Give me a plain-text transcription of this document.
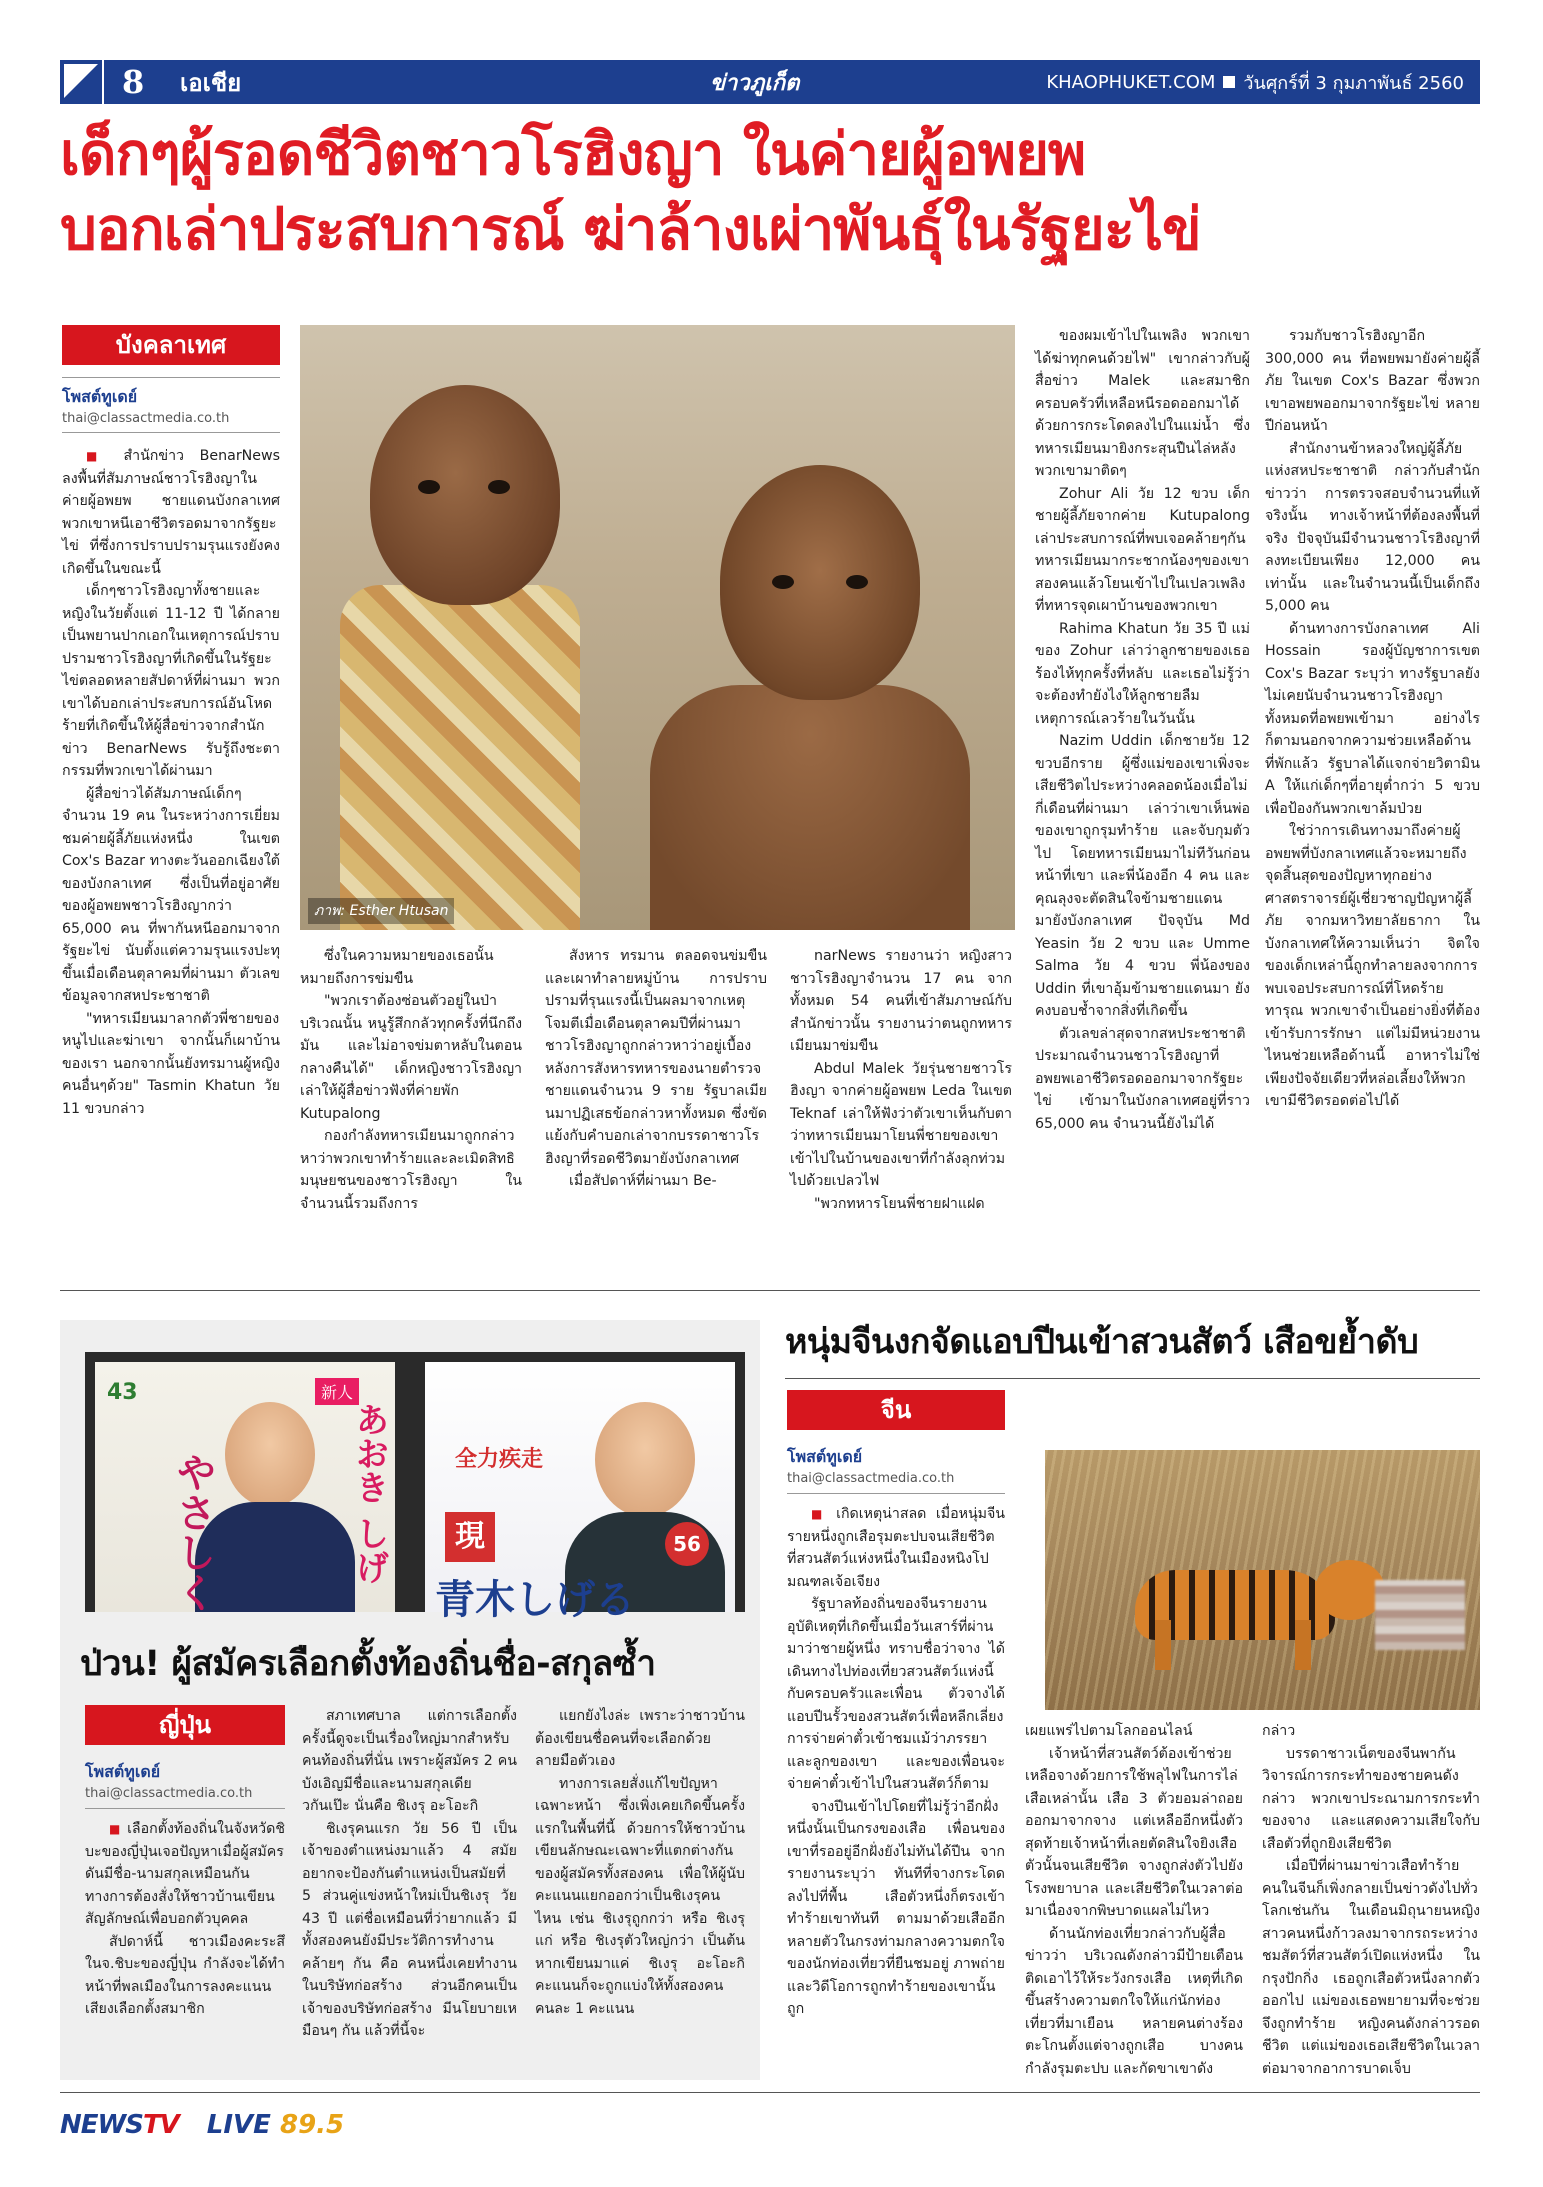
8	เอเชีย	ข่าวภูเก็ต	KHAOPHUKET.COM วันศุกร์ที่ 3 กุมภาพันธ์ 2560
เด็กๆผู้รอดชีวิตชาวโรฮิงญา ในค่ายผู้อพยพ
บอกเล่าประสบการณ์ ฆ่าล้างเผ่าพันธุ์ในรัฐยะไข่
บังคลาเทศ
โพสต์ทูเดย์
thai@classactmedia.co.th
ภาพ: Esther Htusan

■ สำนักข่าว BenarNews ลงพื้นที่สัมภาษณ์ชาวโรฮิงญาในค่ายผู้อพยพ ชายแดนบังกลาเทศ พวกเขาหนีเอาชีวิตรอดมาจากรัฐยะไข่ ที่ซึ่งการปราบปรามรุนแรงยังคงเกิดขึ้นในขณะนี้

เด็กๆชาวโรฮิงญาทั้งชายและหญิงในวัยตั้งแต่ 11-12 ปี ได้กลายเป็นพยานปากเอกในเหตุการณ์ปราบปรามชาวโรฮิงญาที่เกิดขึ้นในรัฐยะไข่ตลอดหลายสัปดาห์ที่ผ่านมา พวกเขาได้บอกเล่าประสบการณ์อันโหดร้ายที่เกิดขึ้นให้ผู้สื่อข่าวจากสำนักข่าว BenarNews รับรู้ถึงชะตากรรมที่พวกเขาได้ผ่านมา

ผู้สื่อข่าวได้สัมภาษณ์เด็กๆจำนวน 19 คน ในระหว่างการเยี่ยมชมค่ายผู้ลี้ภัยแห่งหนึ่ง ในเขต Cox's Bazar ทางตะวันออกเฉียงใต้ของบังกลาเทศ ซึ่งเป็นที่อยู่อาศัยของผู้อพยพชาวโรฮิงญากว่า 65,000 คน ที่พากันหนีออกมาจากรัฐยะไข่ นับตั้งแต่ความรุนแรงปะทุขึ้นเมื่อเดือนตุลาคมที่ผ่านมา ตัวเลขข้อมูลจากสหประชาชาติ

"ทหารเมียนมาลากตัวพี่ชายของหนูไปและฆ่าเขา จากนั้นก็เผาบ้านของเรา นอกจากนั้นยังทรมานผู้หญิงคนอื่นๆด้วย" Tasmin Khatun วัย 11 ขวบกล่าว

ซึ่งในความหมายของเธอนั้นหมายถึงการข่มขืน

"พวกเราต้องซ่อนตัวอยู่ในป่าบริเวณนั้น หนูรู้สึกกลัวทุกครั้งที่นึกถึงมัน และไม่อาจข่มตาหลับในตอนกลางคืนได้" เด็กหญิงชาวโรฮิงญา เล่าให้ผู้สื่อข่าวฟังที่ค่ายพัก Kutupalong

กองกำลังทหารเมียนมาถูกกล่าวหาว่าพวกเขาทำร้ายและละเมิดสิทธิมนุษยชนของชาวโรฮิงญา ในจำนวนนี้รวมถึงการ

สังหาร ทรมาน ตลอดจนข่มขืนและเผาทำลายหมู่บ้าน การปราบปรามที่รุนแรงนี้เป็นผลมาจากเหตุโจมตีเมื่อเดือนตุลาคมปีที่ผ่านมา ชาวโรฮิงญาถูกกล่าวหาว่าอยู่เบื้องหลังการสังหารทหารของนายตำรวจชายแดนจำนวน 9 ราย รัฐบาลเมียนมาปฏิเสธข้อกล่าวหาทั้งหมด ซึ่งขัดแย้งกับคำบอกเล่าจากบรรดาชาวโรฮิงญาที่รอดชีวิตมายังบังกลาเทศ

เมื่อสัปดาห์ที่ผ่านมา Be-

narNews รายงานว่า หญิงสาวชาวโรฮิงญาจำนวน 17 คน จากทั้งหมด 54 คนที่เข้าสัมภาษณ์กับสำนักข่าวนั้น รายงานว่าตนถูกทหารเมียนมาข่มขืน

Abdul Malek วัยรุ่นชายชาวโรฮิงญา จากค่ายผู้อพยพ Leda ในเขต Teknaf เล่าให้ฟังว่าตัวเขาเห็นกับตาว่าทหารเมียนมาโยนพี่ชายของเขาเข้าไปในบ้านของเขาที่กำลังลุกท่วมไปด้วยเปลวไฟ

"พวกทหารโยนพี่ชายฝาแฝด

ของผมเข้าไปในเพลิง พวกเขาได้ฆ่าทุกคนด้วยไฟ" เขากล่าวกับผู้สื่อข่าว Malek และสมาชิกครอบครัวที่เหลือหนีรอดออกมาได้ด้วยการกระโดดลงไปในแม่น้ำ ซึ่งทหารเมียนมายิงกระสุนปืนไล่หลังพวกเขามาติดๆ

Zohur Ali วัย 12 ขวบ เด็กชายผู้ลี้ภัยจากค่าย Kutupalong เล่าประสบการณ์ที่พบเจอคล้ายๆกัน ทหารเมียนมากระชากน้องๆของเขาสองคนแล้วโยนเข้าไปในเปลวเพลิงที่ทหารจุดเผาบ้านของพวกเขา

Rahima Khatun วัย 35 ปี แม่ของ Zohur เล่าว่าลูกชายของเธอร้องไห้ทุกครั้งที่หลับ และเธอไม่รู้ว่าจะต้องทำยังไงให้ลูกชายลืมเหตุการณ์เลวร้ายในวันนั้น

Nazim Uddin เด็กชายวัย 12 ขวบอีกราย ผู้ซึ่งแม่ของเขาเพิ่งจะเสียชีวิตไประหว่างคลอดน้องเมื่อไม่กี่เดือนที่ผ่านมา เล่าว่าเขาเห็นพ่อของเขาถูกรุมทำร้าย และจับกุมตัวไป โดยทหารเมียนมาไม่ทีวันก่อนหน้าที่เขา และพี่น้องอีก 4 คน และคุณลุงจะตัดสินใจข้ามชายแดนมายังบังกลาเทศ ปัจจุบัน Md Yeasin วัย 2 ขวบ และ Umme Salma วัย 4 ขวบ พี่น้องของ Uddin ที่เขาอุ้มข้ามชายแดนมา ยังคงบอบช้ำจากสิ่งที่เกิดขึ้น

ตัวเลขล่าสุดจากสหประชาชาติประมาณจำนวนชาวโรฮิงญาที่อพยพเอาชีวิตรอดออกมาจากรัฐยะไข่ เข้ามาในบังกลาเทศอยู่ที่ราว 65,000 คน จำนวนนี้ยังไม่ได้

รวมกับชาวโรฮิงญาอีก 300,000 คน ที่อพยพมายังค่ายผู้ลี้ภัย ในเขต Cox's Bazar ซึ่งพวกเขาอพยพออกมาจากรัฐยะไข่ หลายปีก่อนหน้า

สำนักงานข้าหลวงใหญ่ผู้ลี้ภัยแห่งสหประชาชาติ กล่าวกับสำนักข่าวว่า การตรวจสอบจำนวนที่แท้จริงนั้น ทางเจ้าหน้าที่ต้องลงพื้นที่จริง ปัจจุบันมีจำนวนชาวโรฮิงญาที่ลงทะเบียนเพียง 12,000 คน เท่านั้น และในจำนวนนี้เป็นเด็กถึง 5,000 คน

ด้านทางการบังกลาเทศ Ali Hossain รองผู้บัญชาการเขต Cox's Bazar ระบุว่า ทางรัฐบาลยังไม่เคยนับจำนวนชาวโรฮิงญาทั้งหมดที่อพยพเข้ามา อย่างไรก็ตามนอกจากความช่วยเหลือด้านที่พักแล้ว รัฐบาลได้แจกจ่ายวิตามิน A ให้แก่เด็กๆที่อายุต่ำกว่า 5 ขวบ เพื่อป้องกันพวกเขาล้มป่วย

ใช่ว่าการเดินทางมาถึงค่ายผู้อพยพที่บังกลาเทศแล้วจะหมายถึงจุดสิ้นสุดของปัญหาทุกอย่าง ศาสตราจารย์ผู้เชี่ยวชาญปัญหาผู้ลี้ภัย จากมหาวิทยาลัยธากา ในบังกลาเทศให้ความเห็นว่า จิตใจของเด็กเหล่านี้ถูกทำลายลงจากการพบเจอประสบการณ์ที่โหดร้ายทารุณ พวกเขาจำเป็นอย่างยิ่งที่ต้องเข้ารับการรักษา แต่ไม่มีหน่วยงานไหนช่วยเหลือด้านนี้ อาหารไม่ใช่เพียงปัจจัยเดียวที่หล่อเลี้ยงให้พวกเขามีชีวิตรอดต่อไปได้

43	新人
やさしく	あおき しげ	全力疾走
現	56
青木しげる
ป่วน! ผู้สมัครเลือกตั้งท้องถิ่นชื่อ-สกุลซ้ำ
ญี่ปุ่น
โพสต์ทูเดย์
thai@classactmedia.co.th

■ เลือกตั้งท้องถิ่นในจังหวัดชิบะของญี่ปุ่นเจอปัญหาเมื่อผู้สมัครดันมีชื่อ-นามสกุลเหมือนกัน ทางการต้องสั่งให้ชาวบ้านเขียนสัญลักษณ์เพื่อบอกตัวบุคคล

สัปดาห์นี้ ชาวเมืองคะระสึในจ.ชิบะของญี่ปุ่น กำลังจะได้ทำหน้าที่พลเมืองในการลงคะแนนเสียงเลือกตั้งสมาชิก

สภาเทศบาล แต่การเลือกตั้งครั้งนี้ดูจะเป็นเรื่องใหญ่มากสำหรับคนท้องถิ่นที่นั่น เพราะผู้สมัคร 2 คน บังเอิญมีชื่อและนามสกุลเดียวกันเป๊ะ นั่นคือ ชิเงรุ อะโอะกิ

ชิเงรุคนแรก วัย 56 ปี เป็นเจ้าของตำแหน่งมาแล้ว 4 สมัย อยากจะป้องกันตำแหน่งเป็นสมัยที่ 5 ส่วนคู่แข่งหน้าใหม่เป็นชิเงรุ วัย 43 ปี แต่ชื่อเหมือนที่ว่ายากแล้ว มีทั้งสองคนยังมีประวัติการทำงานคล้ายๆ กัน คือ คนหนึ่งเคยทำงานในบริษัทก่อสร้าง ส่วนอีกคนเป็นเจ้าของบริษัทก่อสร้าง มีนโยบายเหมือนๆ กัน แล้วที่นี้จะ

แยกยังไงล่ะ เพราะว่าชาวบ้านต้องเขียนชื่อคนที่จะเลือกด้วยลายมือตัวเอง

ทางการเลยสั่งแก้ไขปัญหาเฉพาะหน้า ซึ่งเพิ่งเคยเกิดขึ้นครั้งแรกในพื้นที่นี้ ด้วยการให้ชาวบ้านเขียนลักษณะเฉพาะที่แตกต่างกันของผู้สมัครทั้งสองคน เพื่อให้ผู้นับคะแนนแยกออกว่าเป็นชิเงรุคนไหน เช่น ชิเงรุถูกกว่า หรือ ชิเงรุแก่ หรือ ชิเงรุตัวใหญ่กว่า เป็นต้น หากเขียนมาแค่ ชิเงรุ อะโอะกิ คะแนนก็จะถูกแบ่งให้ทั้งสองคนคนละ 1 คะแนน

หนุ่มจีนงกจัดแอบปีนเข้าสวนสัตว์ เสือขย้ำดับ
จีน
โพสต์ทูเดย์
thai@classactmedia.co.th

■ เกิดเหตุน่าสลด เมื่อหนุ่มจีนรายหนึ่งถูกเสือรุมตะปบจนเสียชีวิต ที่สวนสัตว์แห่งหนึ่งในเมืองหนิงโป มณฑลเจ้อเจียง

รัฐบาลท้องถิ่นของจีนรายงานอุบัติเหตุที่เกิดขึ้นเมื่อวันเสาร์ที่ผ่านมาว่าชายผู้หนึ่ง ทราบชื่อว่าจาง ได้เดินทางไปท่องเที่ยวสวนสัตว์แห่งนี้กับครอบครัวและเพื่อน ตัวจางได้แอบปีนรั้วของสวนสัตว์เพื่อหลีกเลี่ยงการจ่ายค่าตั๋วเข้าชมแม้ว่าภรรยาและลูกของเขา และของเพื่อนจะจ่ายค่าตั๋วเข้าไปในสวนสัตว์ก็ตาม

จางปีนเข้าไปโดยที่ไม่รู้ว่าอีกฝั่งหนึ่งนั้นเป็นกรงของเสือ เพื่อนของเขาที่รออยู่อีกฝั่งยังไม่ทันได้ปีน จากรายงานระบุว่า ทันทีที่จางกระโดดลงไปที่พื้น เสือตัวหนึ่งก็ตรงเข้าทำร้ายเขาทันที ตามมาด้วยเสืออีกหลายตัวในกรงท่ามกลางความตกใจของนักท่องเที่ยวที่ยืนชมอยู่ ภาพถ่าย และวิดีโอการถูกทำร้ายของเขานั้นถูก

เผยแพร่ไปตามโลกออนไลน์

เจ้าหน้าที่สวนสัตว์ต้องเข้าช่วยเหลือจางด้วยการใช้พลุไฟในการไล่เสือเหล่านั้น เสือ 3 ตัวยอมล่าถอยออกมาจากจาง แต่เหลืออีกหนึ่งตัว สุดท้ายเจ้าหน้าที่เลยตัดสินใจยิงเสือตัวนั้นจนเสียชีวิต จางถูกส่งตัวไปยังโรงพยาบาล และเสียชีวิตในเวลาต่อมาเนื่องจากพิษบาดแผลไม่ไหว

ด้านนักท่องเที่ยวกล่าวกับผู้สื่อข่าวว่า บริเวณดังกล่าวมีป้ายเตือนติดเอาไว้ให้ระวังกรงเสือ เหตุที่เกิดขึ้นสร้างความตกใจให้แก่นักท่องเที่ยวที่มาเยือน หลายคนต่างร้องตะโกนตั้งแต่จางถูกเสือ บางคนกำลังรุมตะปบ และกัดขาเขาดัง

กล่าว

บรรดาชาวเน็ตของจีนพากันวิจารณ์การกระทำของชายคนดังกล่าว พวกเขาประณามการกระทำของจาง และแสดงความเสียใจกับเสือตัวที่ถูกยิงเสียชีวิต

เมื่อปีที่ผ่านมาข่าวเสือทำร้ายคนในจีนก็เพิ่งกลายเป็นข่าวดังไปทั่วโลกเช่นกัน ในเดือนมิถุนายนหญิงสาวคนหนึ่งก้าวลงมาจากรถระหว่างชมสัตว์ที่สวนสัตว์เปิดแห่งหนึ่ง ในกรุงปักกิ่ง เธอถูกเสือตัวหนึ่งลากตัวออกไป แม่ของเธอพยายามที่จะช่วยจึงถูกทำร้าย หญิงคนดังกล่าวรอดชีวิต แต่แม่ของเธอเสียชีวิตในเวลาต่อมาจากอาการบาดเจ็บ

NEWSTV LIVE 89.5
